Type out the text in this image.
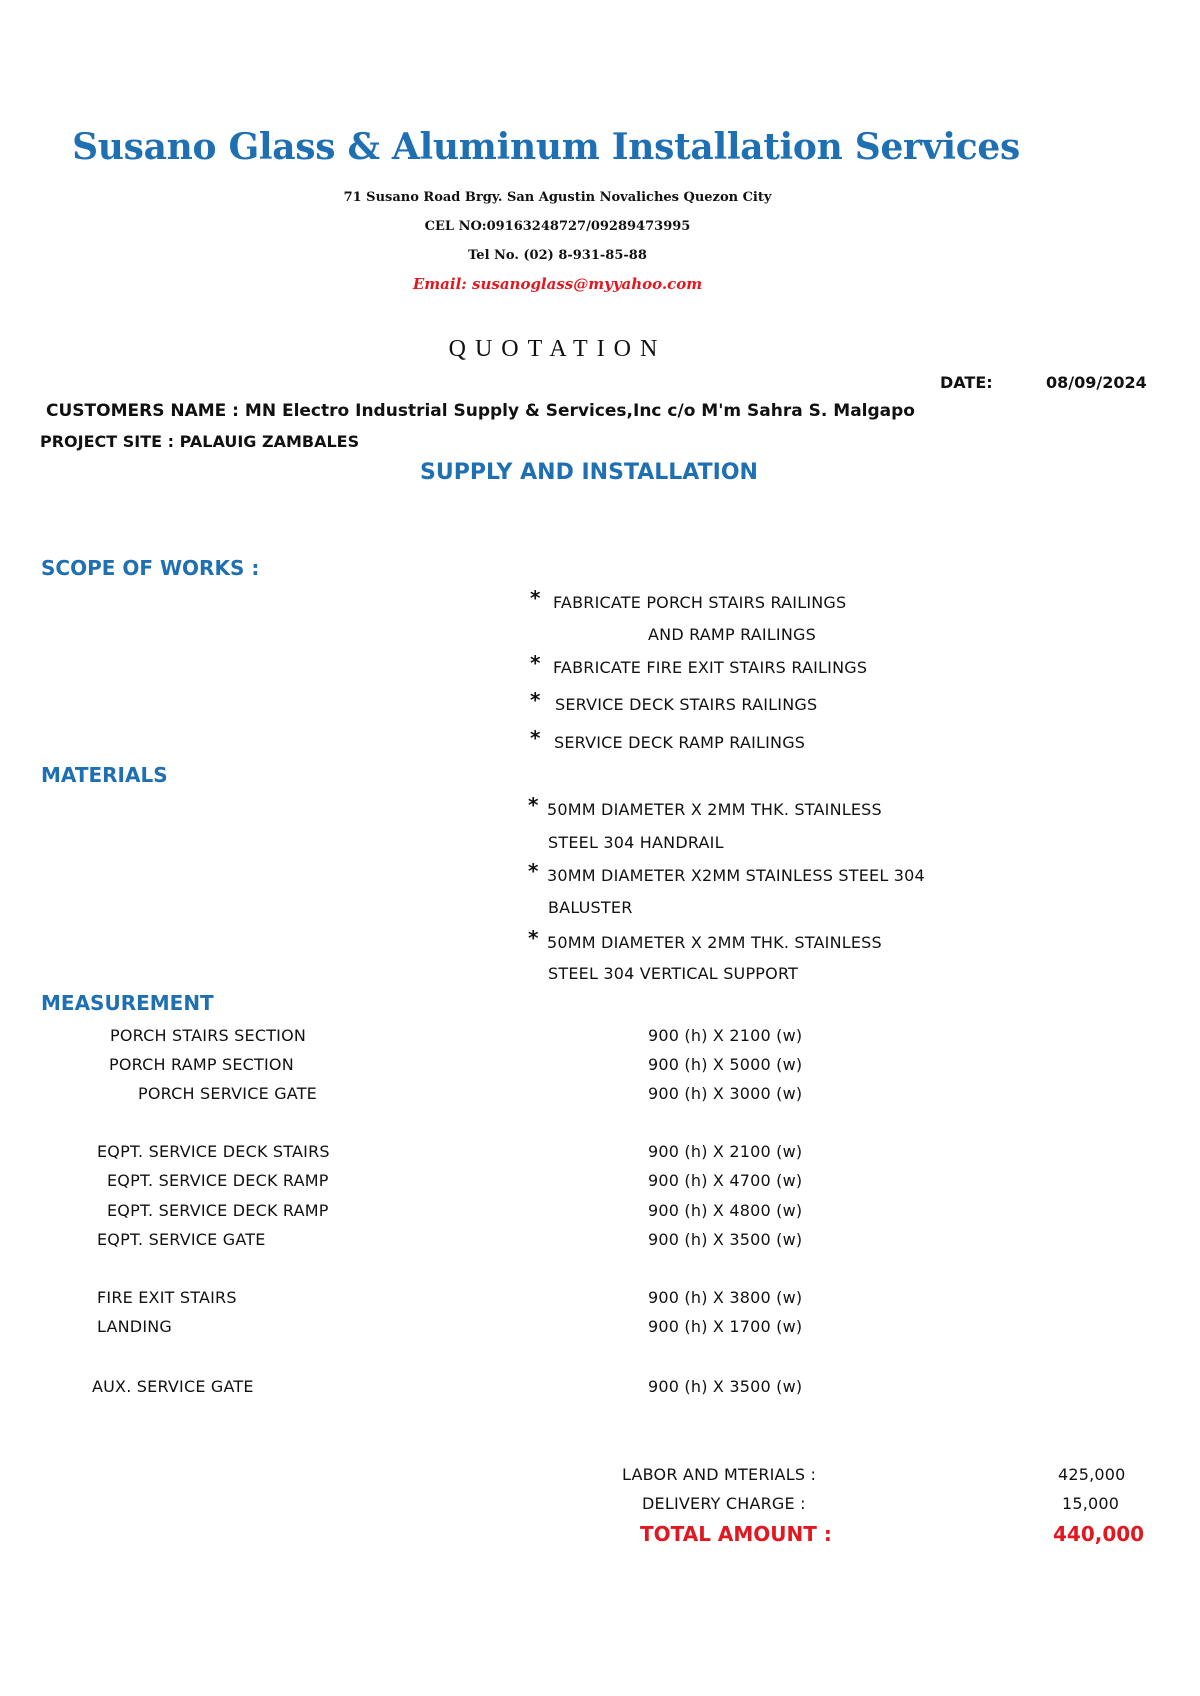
Susano Glass & Aluminum Installation Services
71 Susano Road Brgy. San Agustin Novaliches Quezon City
CEL NO:09163248727/09289473995
Tel No. (02) 8-931-85-88
Email: susanoglass@myyahoo.com
QUOTATION
DATE:	08/09/2024
CUSTOMERS NAME : MN Electro Industrial Supply & Services,Inc c/o M'm Sahra S. Malgapo
PROJECT SITE : PALAUIG ZAMBALES
SUPPLY AND INSTALLATION
SCOPE OF WORKS :
* FABRICATE PORCH STAIRS RAILINGS
AND RAMP RAILINGS
* FABRICATE FIRE EXIT STAIRS RAILINGS
* SERVICE DECK STAIRS RAILINGS
* SERVICE DECK RAMP RAILINGS
MATERIALS
* 50MM DIAMETER X 2MM THK. STAINLESS
STEEL 304 HANDRAIL
* 30MM DIAMETER X2MM STAINLESS STEEL 304
BALUSTER
* 50MM DIAMETER X 2MM THK. STAINLESS
STEEL 304 VERTICAL SUPPORT
MEASUREMENT
PORCH STAIRS SECTION	900 (h) X 2100 (w)
PORCH RAMP SECTION	900 (h) X 5000 (w)
PORCH SERVICE GATE	900 (h) X 3000 (w)
EQPT. SERVICE DECK STAIRS	900 (h) X 2100 (w)
EQPT. SERVICE DECK RAMP	900 (h) X 4700 (w)
EQPT. SERVICE DECK RAMP	900 (h) X 4800 (w)
EQPT. SERVICE GATE	900 (h) X 3500 (w)
FIRE EXIT STAIRS	900 (h) X 3800 (w)
LANDING	900 (h) X 1700 (w)
AUX. SERVICE GATE	900 (h) X 3500 (w)
LABOR AND MTERIALS :	425,000
DELIVERY CHARGE :	15,000
TOTAL AMOUNT :	440,000
